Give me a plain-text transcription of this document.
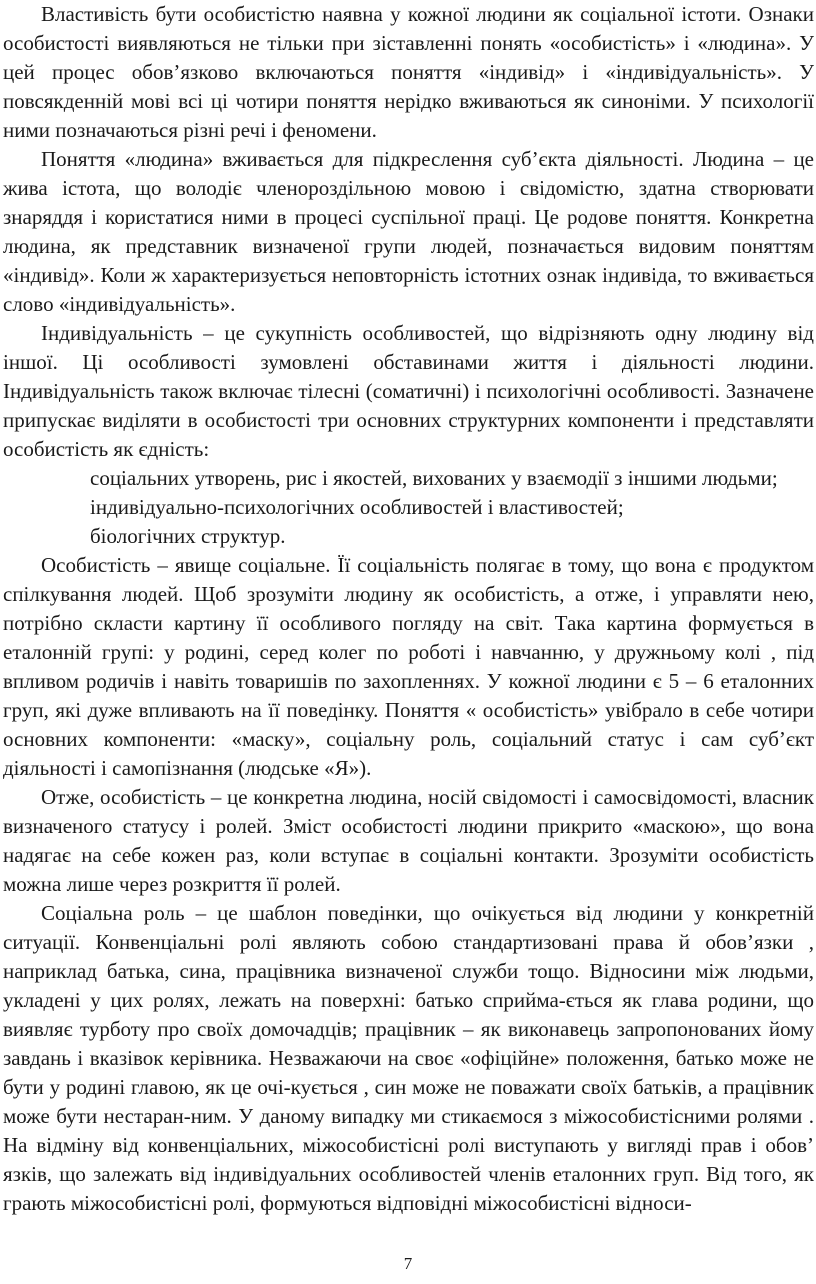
Властивість бути особистістю наявна у кожної людини як соціальної істоти. Ознаки особистості виявляються не тільки при зіставленні понять «особистість» і «людина». У цей процес обов’язково включаються поняття «індивід» і «індивідуальність». У повсякденній мові всі ці чотири поняття нерідко вживаються як синоніми. У психології ними позначаються різні речі і феномени.

Поняття «людина» вживається для підкреслення суб’єкта діяльності. Людина – це жива істота, що володіє членороздільною мовою і свідомістю, здатна створювати знаряддя і користатися ними в процесі суспільної праці. Це родове поняття. Конкретна людина, як представник визначеної групи людей, позначається видовим поняттям «індивід». Коли ж характеризується неповторність істотних ознак індивіда, то вживається слово «індивідуальність».

Індивідуальність – це сукупність особливостей, що відрізняють одну людину від іншої. Ці особливості зумовлені обставинами життя і діяльності людини. Індивідуальність також включає тілесні (соматичні) і психологічні особливості. Зазначене припускає виділяти в особистості три основних структурних компоненти і представляти особистість як єдність:

соціальних утворень, рис і якостей, вихованих у взаємодії з іншими людьми;

індивідуально-психологічних особливостей і властивостей;

біологічних структур.

Особистість – явище соціальне. Її соціальність полягає в тому, що вона є продуктом спілкування людей. Щоб зрозуміти людину як особистість, а отже, і управляти нею, потрібно скласти картину її особливого погляду на світ. Така картина формується в еталонній групі: у родині, серед колег по роботі і навчанню, у дружньому колі , під впливом родичів і навіть товаришів по захопленнях. У кожної людини є 5 – 6 еталонних груп, які дуже впливають на її поведінку. Поняття « особистість» увібрало в себе чотири основних компоненти: «маску», соціальну роль, соціальний статус і сам суб’єкт діяльності і самопізнання (людське «Я»).

Отже, особистість – це конкретна людина, носій свідомості і самосвідомості, власник визначеного статусу і ролей. Зміст особистості людини прикрито «маскою», що вона надягає на себе кожен раз, коли вступає в соціальні контакти. Зрозуміти особистість можна лише через розкриття її ролей.

Соціальна роль – це шаблон поведінки, що очікується від людини у конкретній ситуації. Конвенціальні ролі являють собою стандартизовані права й обов’язки , наприклад батька, сина, працівника визначеної служби тощо. Відносини між людьми, укладені у цих ролях, лежать на поверхні: батько сприйма-ється як глава родини, що виявляє турботу про своїх домочадців; працівник – як виконавець запропонованих йому завдань і вказівок керівника. Незважаючи на своє «офіційне» положення, батько може не бути у родині главою, як це очі-кується , син може не поважати своїх батьків, а працівник може бути нестаран-ним. У даному випадку ми стикаємося з міжособистісними ролями . На відміну від конвенціальних, міжособистісні ролі виступають у вигляді прав і обов’ язків, що залежать від індивідуальних особливостей членів еталонних груп. Від того, як грають міжособистісні ролі, формуються відповідні міжособистісні відноси-

7
